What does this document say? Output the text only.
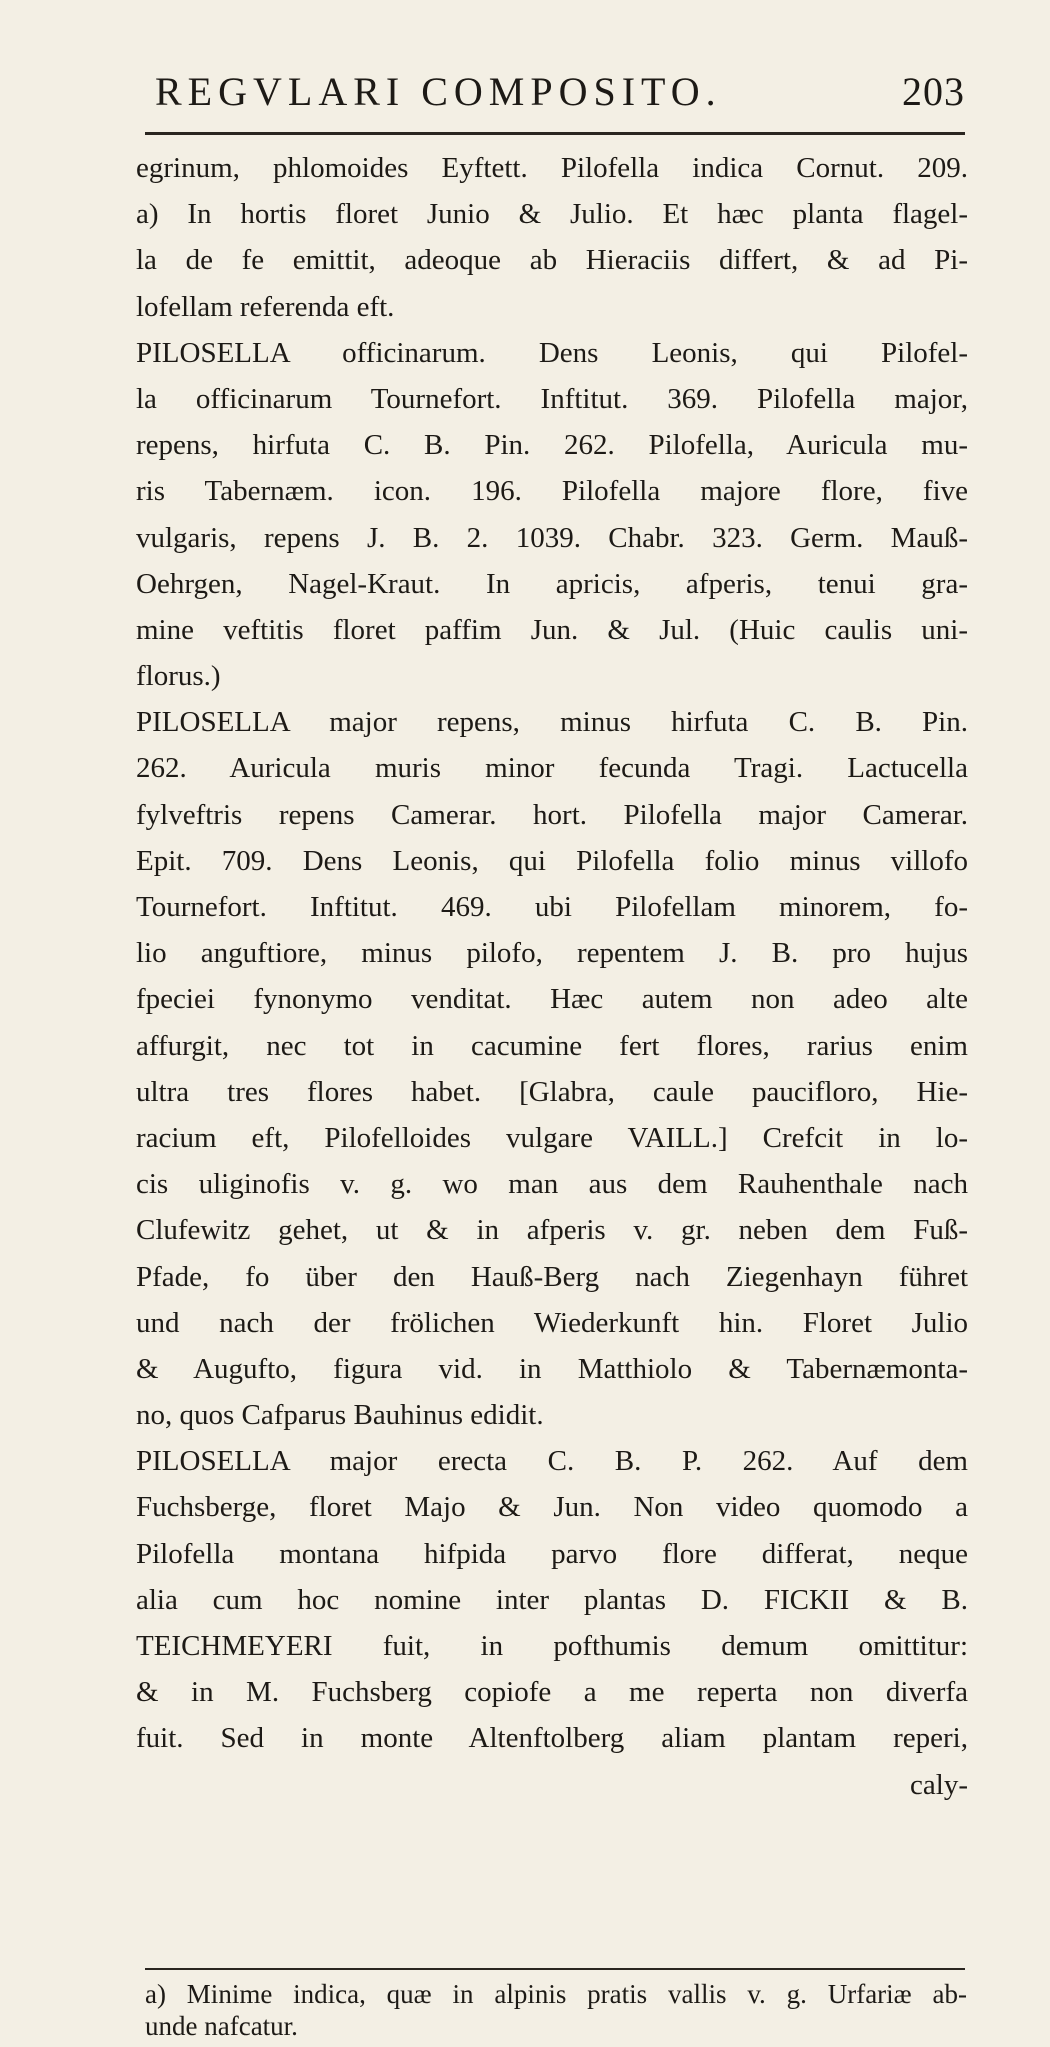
REGVLARI COMPOSITO.	203
egrinum, phlomoides Eyftett. Pilofella indica Cornut. 209.
a) In hortis floret Junio & Julio. Et hæc planta flagel-
la de fe emittit, adeoque ab Hieraciis differt, & ad Pi-
lofellam referenda eft.
PILOSELLA officinarum. Dens Leonis, qui Pilofel-
la officinarum Tournefort. Inftitut. 369. Pilofella major,
repens, hirfuta C. B. Pin. 262. Pilofella, Auricula mu-
ris Tabernæm. icon. 196. Pilofella majore flore, five
vulgaris, repens J. B. 2. 1039. Chabr. 323. Germ. Mauß-
Oehrgen, Nagel-Kraut. In apricis, afperis, tenui gra-
mine veftitis floret paffim Jun. & Jul. (Huic caulis uni-
florus.)
PILOSELLA major repens, minus hirfuta C. B. Pin.
262. Auricula muris minor fecunda Tragi. Lactucella
fylveftris repens Camerar. hort. Pilofella major Camerar.
Epit. 709. Dens Leonis, qui Pilofella folio minus villofo
Tournefort. Inftitut. 469. ubi Pilofellam minorem, fo-
lio anguftiore, minus pilofo, repentem J. B. pro hujus
fpeciei fynonymo venditat. Hæc autem non adeo alte
affurgit, nec tot in cacumine fert flores, rarius enim
ultra tres flores habet. [Glabra, caule paucifloro, Hie-
racium eft, Pilofelloides vulgare VAILL.] Crefcit in lo-
cis uliginofis v. g. wo man aus dem Rauhenthale nach
Clufewitz gehet, ut & in afperis v. gr. neben dem Fuß-
Pfade, fo über den Hauß-Berg nach Ziegenhayn führet
und nach der frölichen Wiederkunft hin. Floret Julio
& Augufto, figura vid. in Matthiolo & Tabernæmonta-
no, quos Cafparus Bauhinus edidit.
PILOSELLA major erecta C. B. P. 262. Auf dem
Fuchsberge, floret Majo & Jun. Non video quomodo a
Pilofella montana hifpida parvo flore differat, neque
alia cum hoc nomine inter plantas D. FICKII & B.
TEICHMEYERI fuit, in pofthumis demum omittitur:
& in M. Fuchsberg copiofe a me reperta non diverfa
fuit. Sed in monte Altenftolberg aliam plantam reperi,
caly-
a) Minime indica, quæ in alpinis pratis vallis v. g. Urfariæ ab-
unde nafcatur.
